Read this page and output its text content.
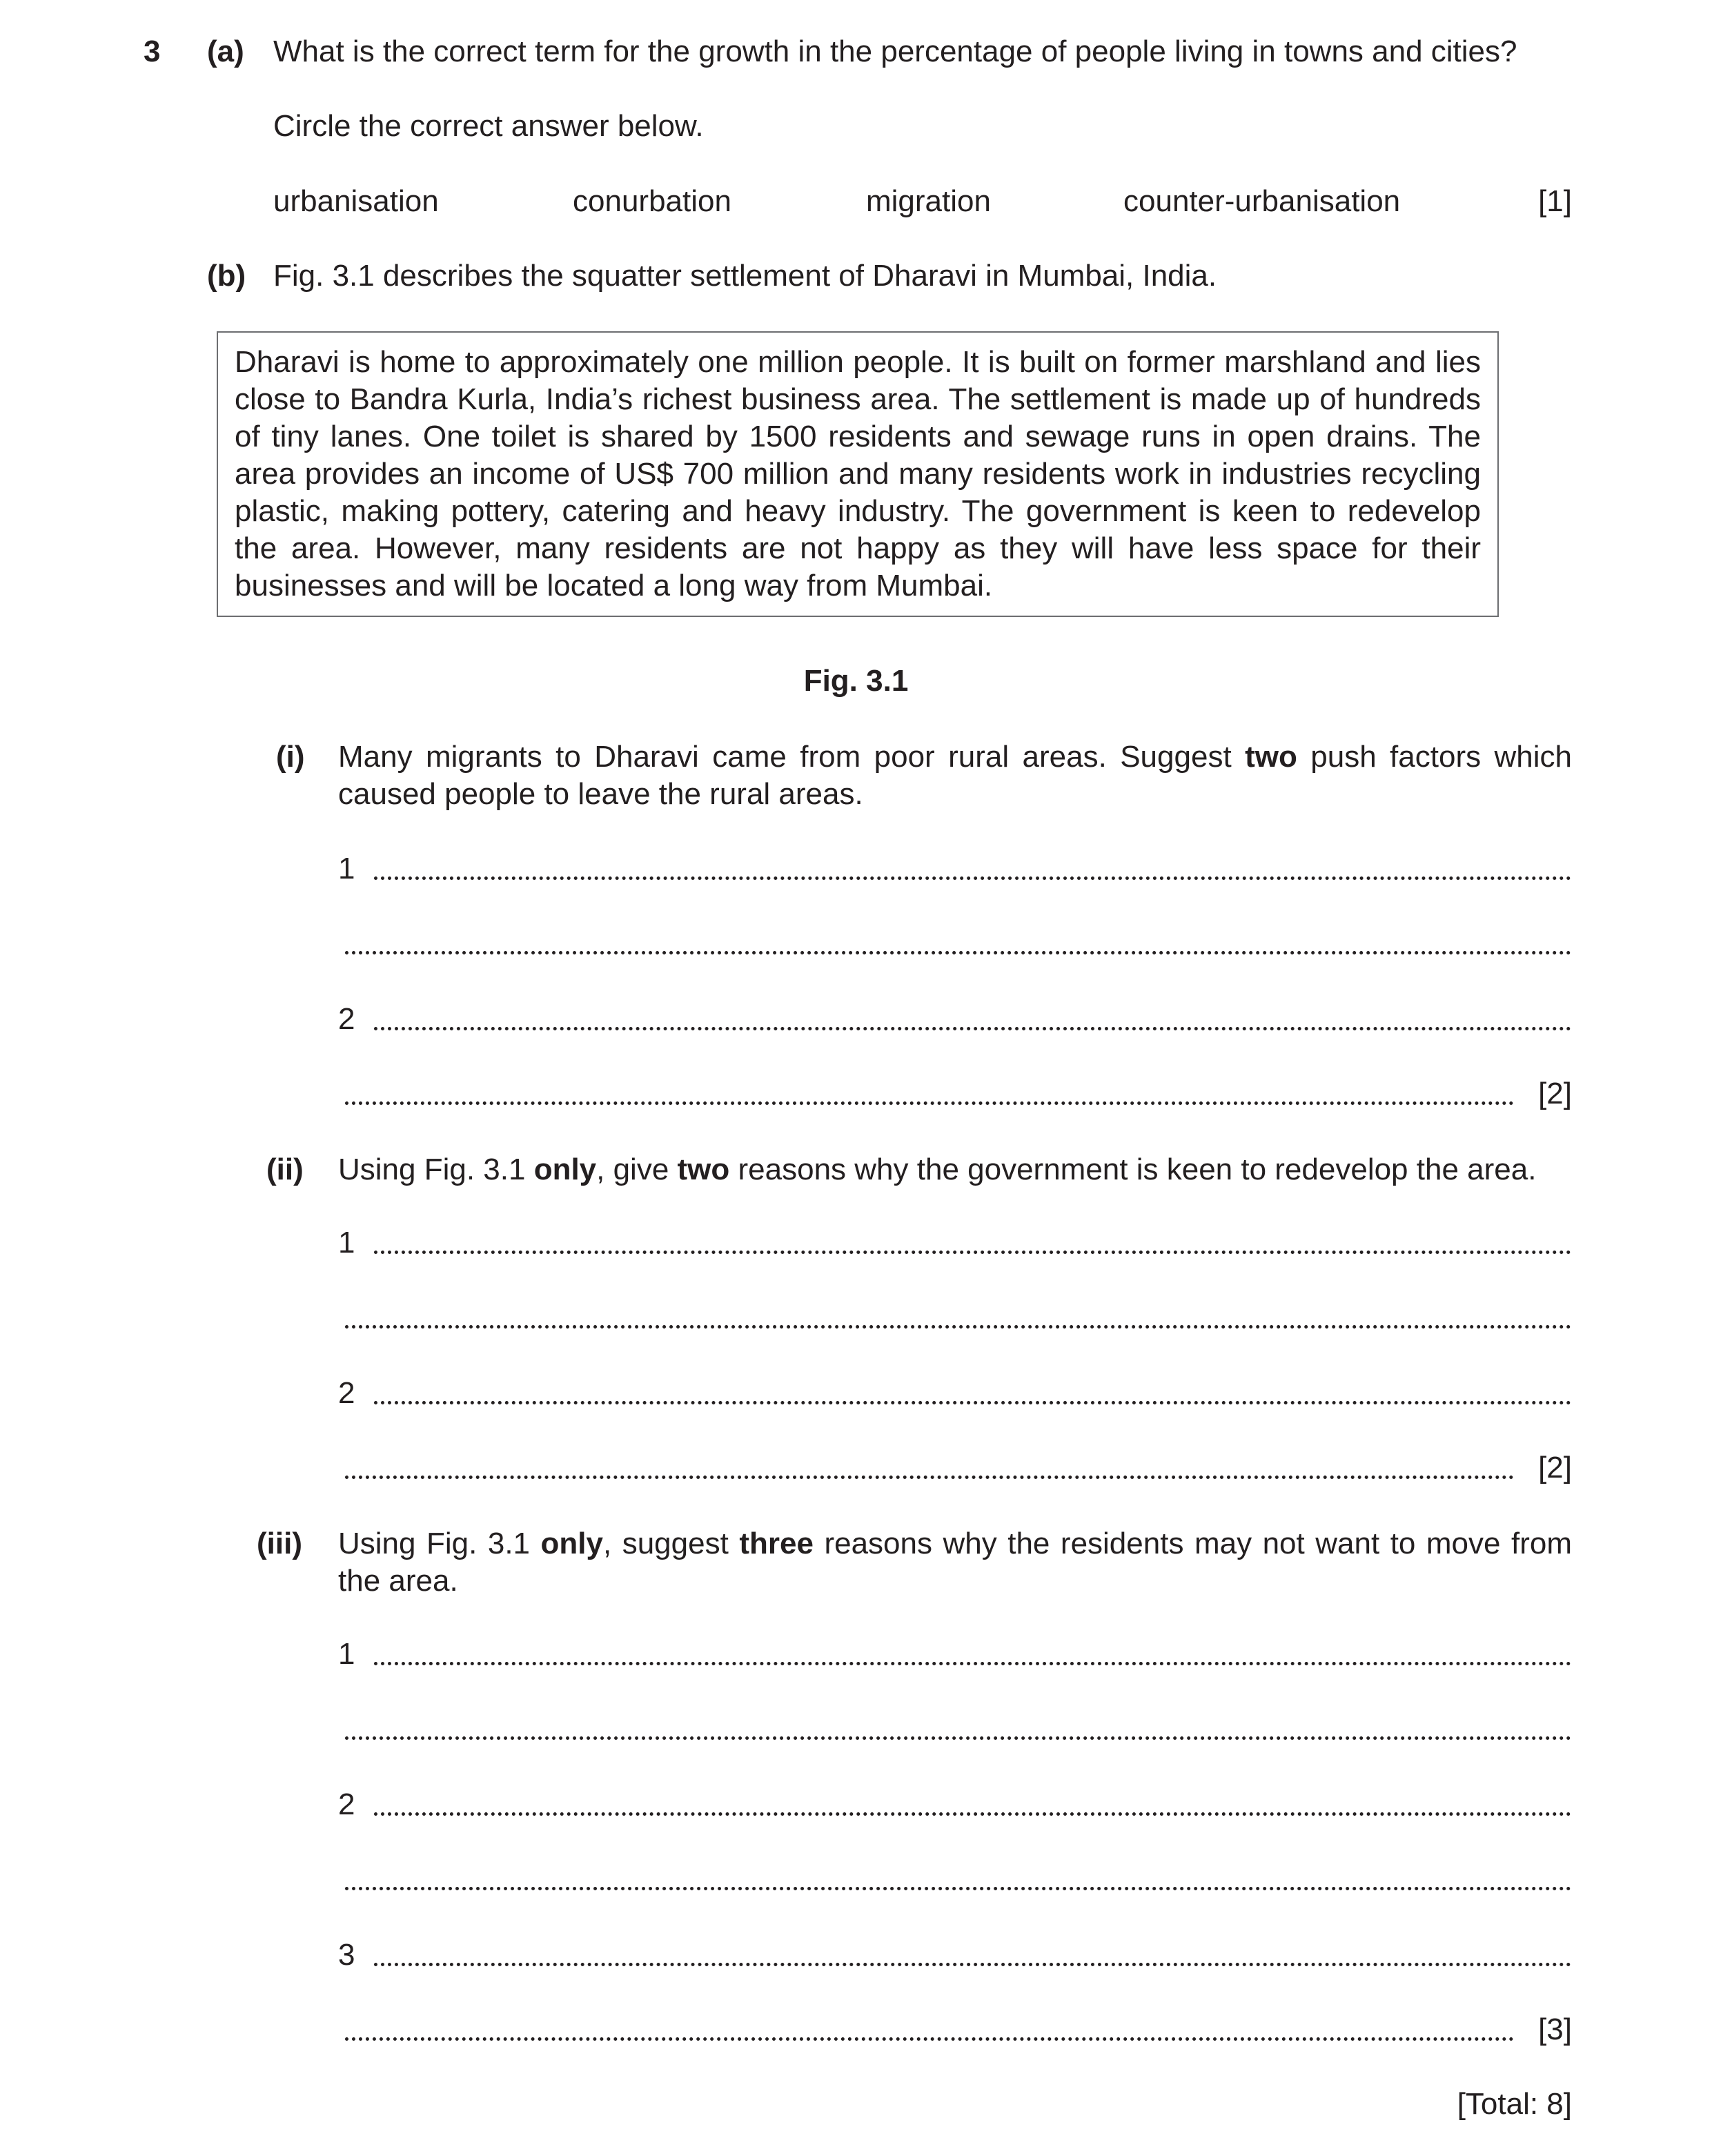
3 (a) What is the correct term for the growth in the percentage of people living in towns and cities?
Circle the correct answer below.
urbanisation	conurbation	migration	counter-urbanisation	[1]
(b) Fig. 3.1 describes the squatter settlement of Dharavi in Mumbai, India.

Dharavi is home to approximately one million people. It is built on former marshland and lies close to Bandra Kurla, India’s richest business area. The settlement is made up of hundreds of tiny lanes. One toilet is shared by 1500 residents and sewage runs in open drains. The area provides an income of US$ 700 million and many residents work in industries recycling plastic, making pottery, catering and heavy industry. The government is keen to redevelop the area. However, many residents are not happy as they will have less space for their businesses and will be located a long way from Mumbai.

Fig. 3.1
(i) Many migrants to Dharavi came from poor rural areas. Suggest two push factors which caused people to leave the rural areas.
1
2
[2]
(ii) Using Fig. 3.1 only, give two reasons why the government is keen to redevelop the area.
1
2
[2]
(iii) Using Fig. 3.1 only, suggest three reasons why the residents may not want to move from the area.
1
2
3
[3]
[Total: 8]
